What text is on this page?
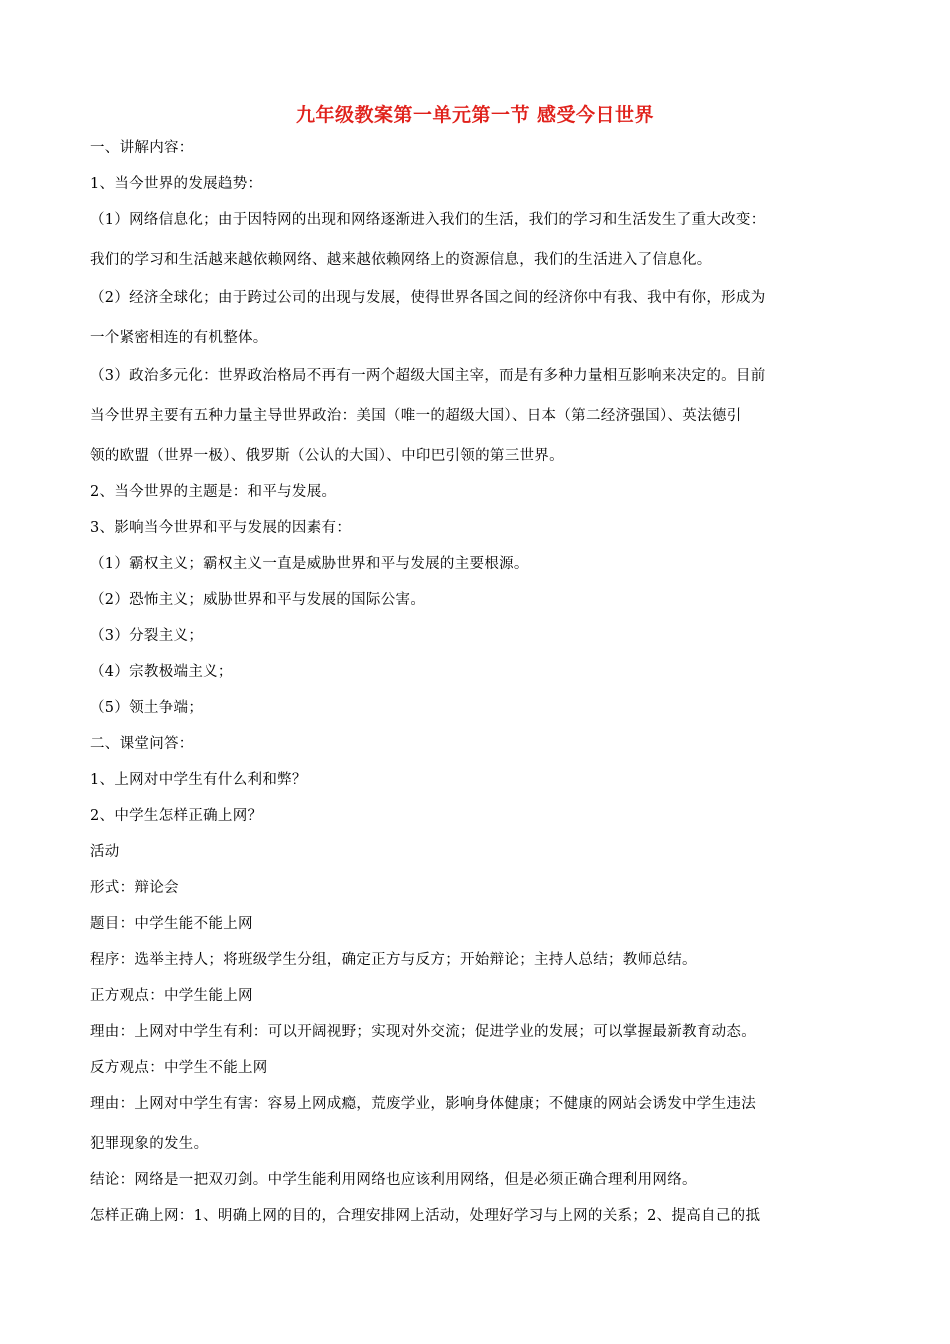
九年级教案第一单元第一节 感受今日世界
一、讲解内容：
1、当今世界的发展趋势：
（1）网络信息化；由于因特网的出现和网络逐渐进入我们的生活，我们的学习和生活发生了重大改变：
我们的学习和生活越来越依赖网络、越来越依赖网络上的资源信息，我们的生活进入了信息化。
（2）经济全球化；由于跨过公司的出现与发展，使得世界各国之间的经济你中有我、我中有你，形成为
一个紧密相连的有机整体。
（3）政治多元化：世界政治格局不再有一两个超级大国主宰，而是有多种力量相互影响来决定的。目前
当今世界主要有五种力量主导世界政治：美国（唯一的超级大国）、日本（第二经济强国）、英法德引
领的欧盟（世界一极）、俄罗斯（公认的大国）、中印巴引领的第三世界。
2、当今世界的主题是：和平与发展。
3、影响当今世界和平与发展的因素有：
（1）霸权主义；霸权主义一直是威胁世界和平与发展的主要根源。
（2）恐怖主义；威胁世界和平与发展的国际公害。
（3）分裂主义；
（4）宗教极端主义；
（5）领土争端；
二、课堂问答：
1、上网对中学生有什么利和弊？
2、中学生怎样正确上网？
活动
形式：辩论会
题目：中学生能不能上网
程序：选举主持人；将班级学生分组，确定正方与反方；开始辩论；主持人总结；教师总结。
正方观点：中学生能上网
理由：上网对中学生有利：可以开阔视野；实现对外交流；促进学业的发展；可以掌握最新教育动态。
反方观点：中学生不能上网
理由：上网对中学生有害：容易上网成瘾，荒废学业，影响身体健康；不健康的网站会诱发中学生违法
犯罪现象的发生。
结论：网络是一把双刃剑。中学生能利用网络也应该利用网络，但是必须正确合理利用网络。
怎样正确上网：1、明确上网的目的，合理安排网上活动，处理好学习与上网的关系；2、提高自己的抵
